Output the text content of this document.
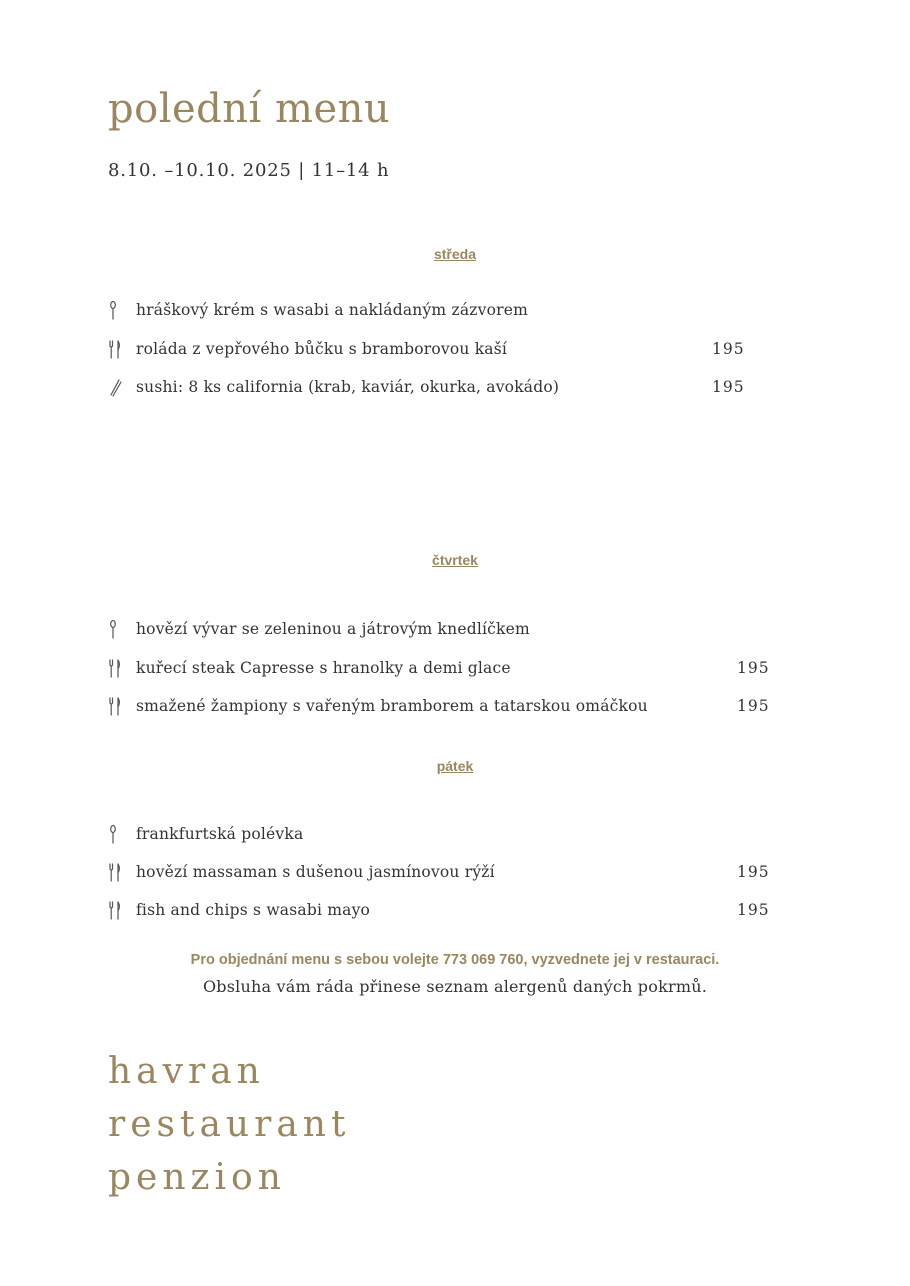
polední menu
8.10. –10.10. 2025 | 11–14 h
středa
hráškový krém s wasabi a nakládaným zázvorem
roláda z vepřového bůčku s bramborovou kaší	195
sushi: 8 ks california (krab, kaviár, okurka, avokádo)	195
čtvrtek
hovězí vývar se zeleninou a játrovým knedlíčkem
kuřecí steak Capresse s hranolky a demi glace	195
smažené žampiony s vařeným bramborem a tatarskou omáčkou	195
pátek
frankfurtská polévka
hovězí massaman s dušenou jasmínovou rýží	195
fish and chips s wasabi mayo	195
Pro objednání menu s sebou volejte 773 069 760, vyzvednete jej v restauraci.
Obsluha vám ráda přinese seznam alergenů daných pokrmů.
havran
restaurant
penzion
